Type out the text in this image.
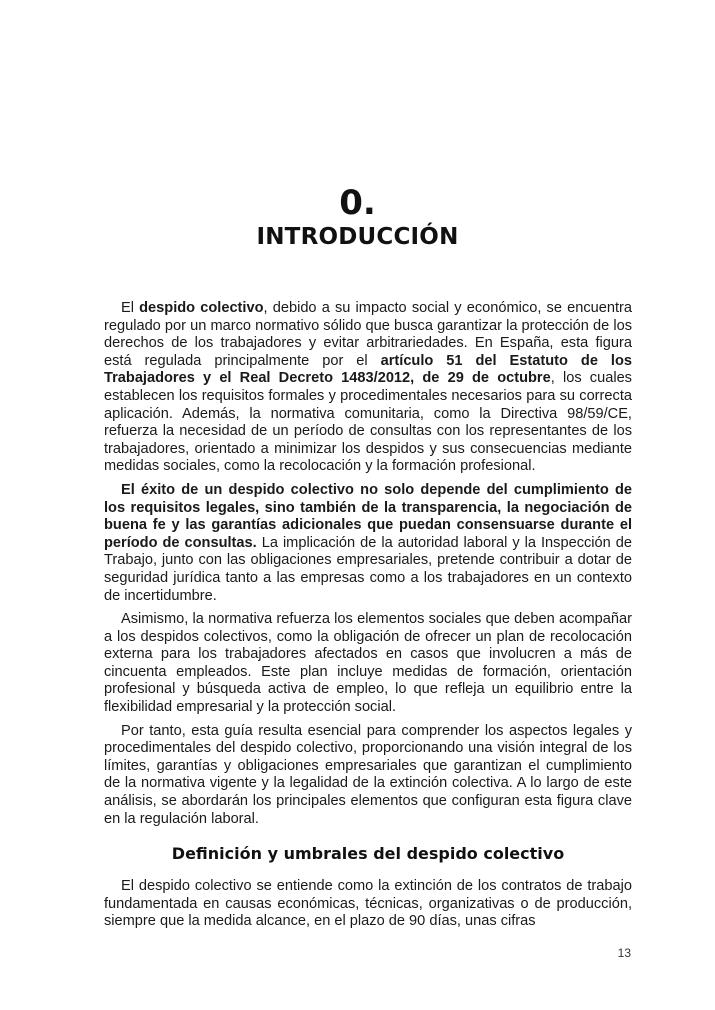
0.
INTRODUCCIÓN

El despido colectivo, debido a su impacto social y económico, se encuentra regulado por un marco normativo sólido que busca garantizar la protección de los derechos de los trabajadores y evitar arbitrariedades. En España, esta figura está regulada principalmente por el artículo 51 del Estatuto de los Trabajadores y el Real Decreto 1483/2012, de 29 de octubre, los cuales establecen los requisitos formales y procedimentales necesarios para su correcta aplicación. Además, la normativa comunitaria, como la Directiva 98/59/CE, refuerza la necesidad de un período de consultas con los representantes de los trabajadores, orientado a minimizar los despidos y sus consecuencias mediante medidas sociales, como la recolocación y la formación profesional.

El éxito de un despido colectivo no solo depende del cumplimiento de los requisitos legales, sino también de la transparencia, la negociación de buena fe y las garantías adicionales que puedan consensuarse durante el período de consultas. La implicación de la autoridad laboral y la Inspección de Trabajo, junto con las obligaciones empresariales, pretende contribuir a dotar de seguridad jurídica tanto a las empresas como a los trabajadores en un contexto de incertidumbre.

Asimismo, la normativa refuerza los elementos sociales que deben acompañar a los despidos colectivos, como la obligación de ofrecer un plan de recolocación externa para los trabajadores afectados en casos que involucren a más de cincuenta empleados. Este plan incluye medidas de formación, orientación profesional y búsqueda activa de empleo, lo que refleja un equilibrio entre la flexibilidad empresarial y la protección social.

Por tanto, esta guía resulta esencial para comprender los aspectos legales y procedimentales del despido colectivo, proporcionando una visión integral de los límites, garantías y obligaciones empresariales que garantizan el cumplimiento de la normativa vigente y la legalidad de la extinción colectiva. A lo largo de este análisis, se abordarán los principales elementos que configuran esta figura clave en la regulación laboral.

Definición y umbrales del despido colectivo

El despido colectivo se entiende como la extinción de los contratos de trabajo fundamentada en causas económicas, técnicas, organizativas o de producción, siempre que la medida alcance, en el plazo de 90 días, unas cifras

13
